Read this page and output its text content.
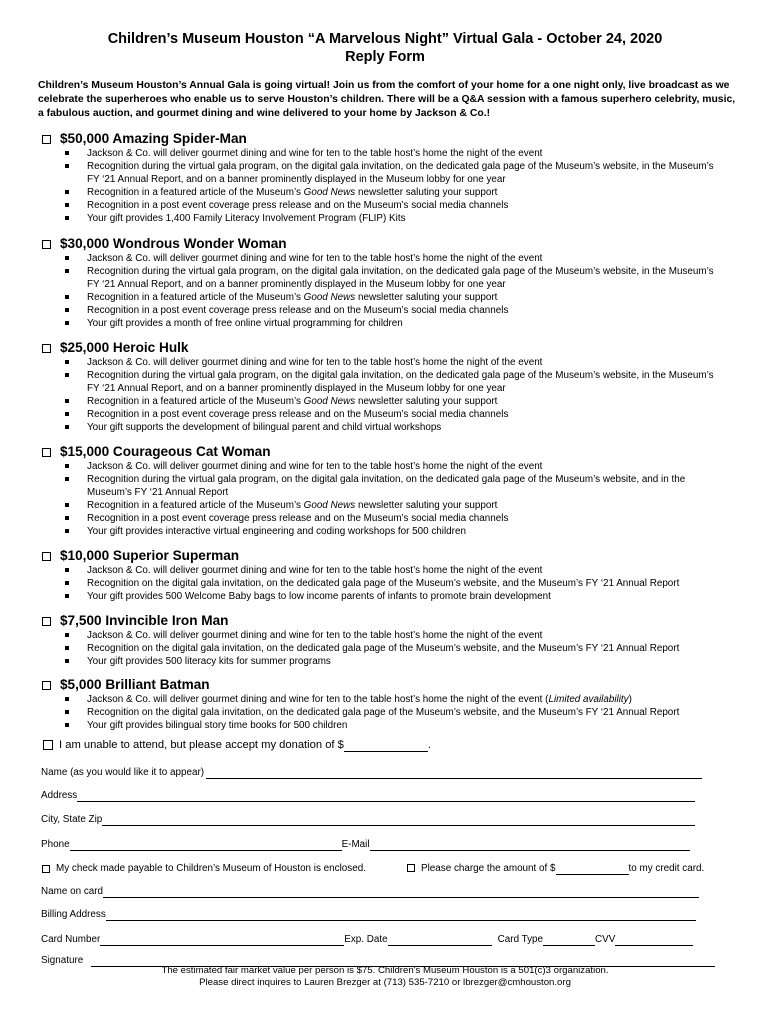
Children’s Museum Houston “A Marvelous Night” Virtual Gala - October 24, 2020
Reply Form
Children’s Museum Houston’s Annual Gala is going virtual! Join us from the comfort of your home for a one night only, live broadcast as we celebrate the superheroes who enable us to serve Houston’s children. There will be a Q&A session with a famous superhero celebrity, music, a fabulous auction, and gourmet dining and wine delivered to your home by Jackson & Co.!
$50,000 Amazing Spider-Man
Jackson & Co. will deliver gourmet dining and wine for ten to the table host’s home the night of the event
Recognition during the virtual gala program, on the digital gala invitation, on the dedicated gala page of the Museum’s website, in the Museum’s FY ‘21 Annual Report, and on a banner prominently displayed in the Museum lobby for one year
Recognition in a featured article of the Museum’s Good News newsletter saluting your support
Recognition in a post event coverage press release and on the Museum’s social media channels
Your gift provides 1,400 Family Literacy Involvement Program (FLIP) Kits
$30,000 Wondrous Wonder Woman
Jackson & Co. will deliver gourmet dining and wine for ten to the table host’s home the night of the event
Recognition during the virtual gala program, on the digital gala invitation, on the dedicated gala page of the Museum’s website, in the Museum’s FY ‘21 Annual Report, and on a banner prominently displayed in the Museum lobby for one year
Recognition in a featured article of the Museum’s Good News newsletter saluting your support
Recognition in a post event coverage press release and on the Museum’s social media channels
Your gift provides a month of free online virtual programming for children
$25,000 Heroic Hulk
Jackson & Co. will deliver gourmet dining and wine for ten to the table host’s home the night of the event
Recognition during the virtual gala program, on the digital gala invitation, on the dedicated gala page of the Museum’s website, in the Museum’s FY ‘21 Annual Report, and on a banner prominently displayed in the Museum lobby for one year
Recognition in a featured article of the Museum’s Good News newsletter saluting your support
Recognition in a post event coverage press release and on the Museum’s social media channels
Your gift supports the development of bilingual parent and child virtual workshops
$15,000 Courageous Cat Woman
Jackson & Co. will deliver gourmet dining and wine for ten to the table host’s home the night of the event
Recognition during the virtual gala program, on the digital gala invitation, on the dedicated gala page of the Museum’s website, and in the Museum’s FY ‘21 Annual Report
Recognition in a featured article of the Museum’s Good News newsletter saluting your support
Recognition in a post event coverage press release and on the Museum’s social media channels
Your gift provides interactive virtual engineering and coding workshops for 500 children
$10,000 Superior Superman
Jackson & Co. will deliver gourmet dining and wine for ten to the table host’s home the night of the event
Recognition on the digital gala invitation, on the dedicated gala page of the Museum’s website, and the Museum’s FY ‘21 Annual Report
Your gift provides 500 Welcome Baby bags to low income parents of infants to promote brain development
$7,500 Invincible Iron Man
Jackson & Co. will deliver gourmet dining and wine for ten to the table host’s home the night of the event
Recognition on the digital gala invitation, on the dedicated gala page of the Museum’s website, and the Museum’s FY ‘21 Annual Report
Your gift provides 500 literacy kits for summer programs
$5,000 Brilliant Batman
Jackson & Co. will deliver gourmet dining and wine for ten to the table host’s home the night of the event (Limited availability)
Recognition on the digital gala invitation, on the dedicated gala page of the Museum’s website, and the Museum’s FY ‘21 Annual Report
Your gift provides bilingual story time books for 500 children
I am unable to attend, but please accept my donation of $	.
Name (as you would like it to appear)
Address
City, State Zip
Phone	E-Mail
My check made payable to Children’s Museum of Houston is enclosed.	Please charge the amount of $	to my credit card.
Name on card
Billing Address
Card Number	Exp. Date	Card Type	CVV
Signature
The estimated fair market value per person is $75. Children's Museum Houston is a 501(c)3 organization.
Please direct inquires to Lauren Brezger at (713) 535-7210 or lbrezger@cmhouston.org
